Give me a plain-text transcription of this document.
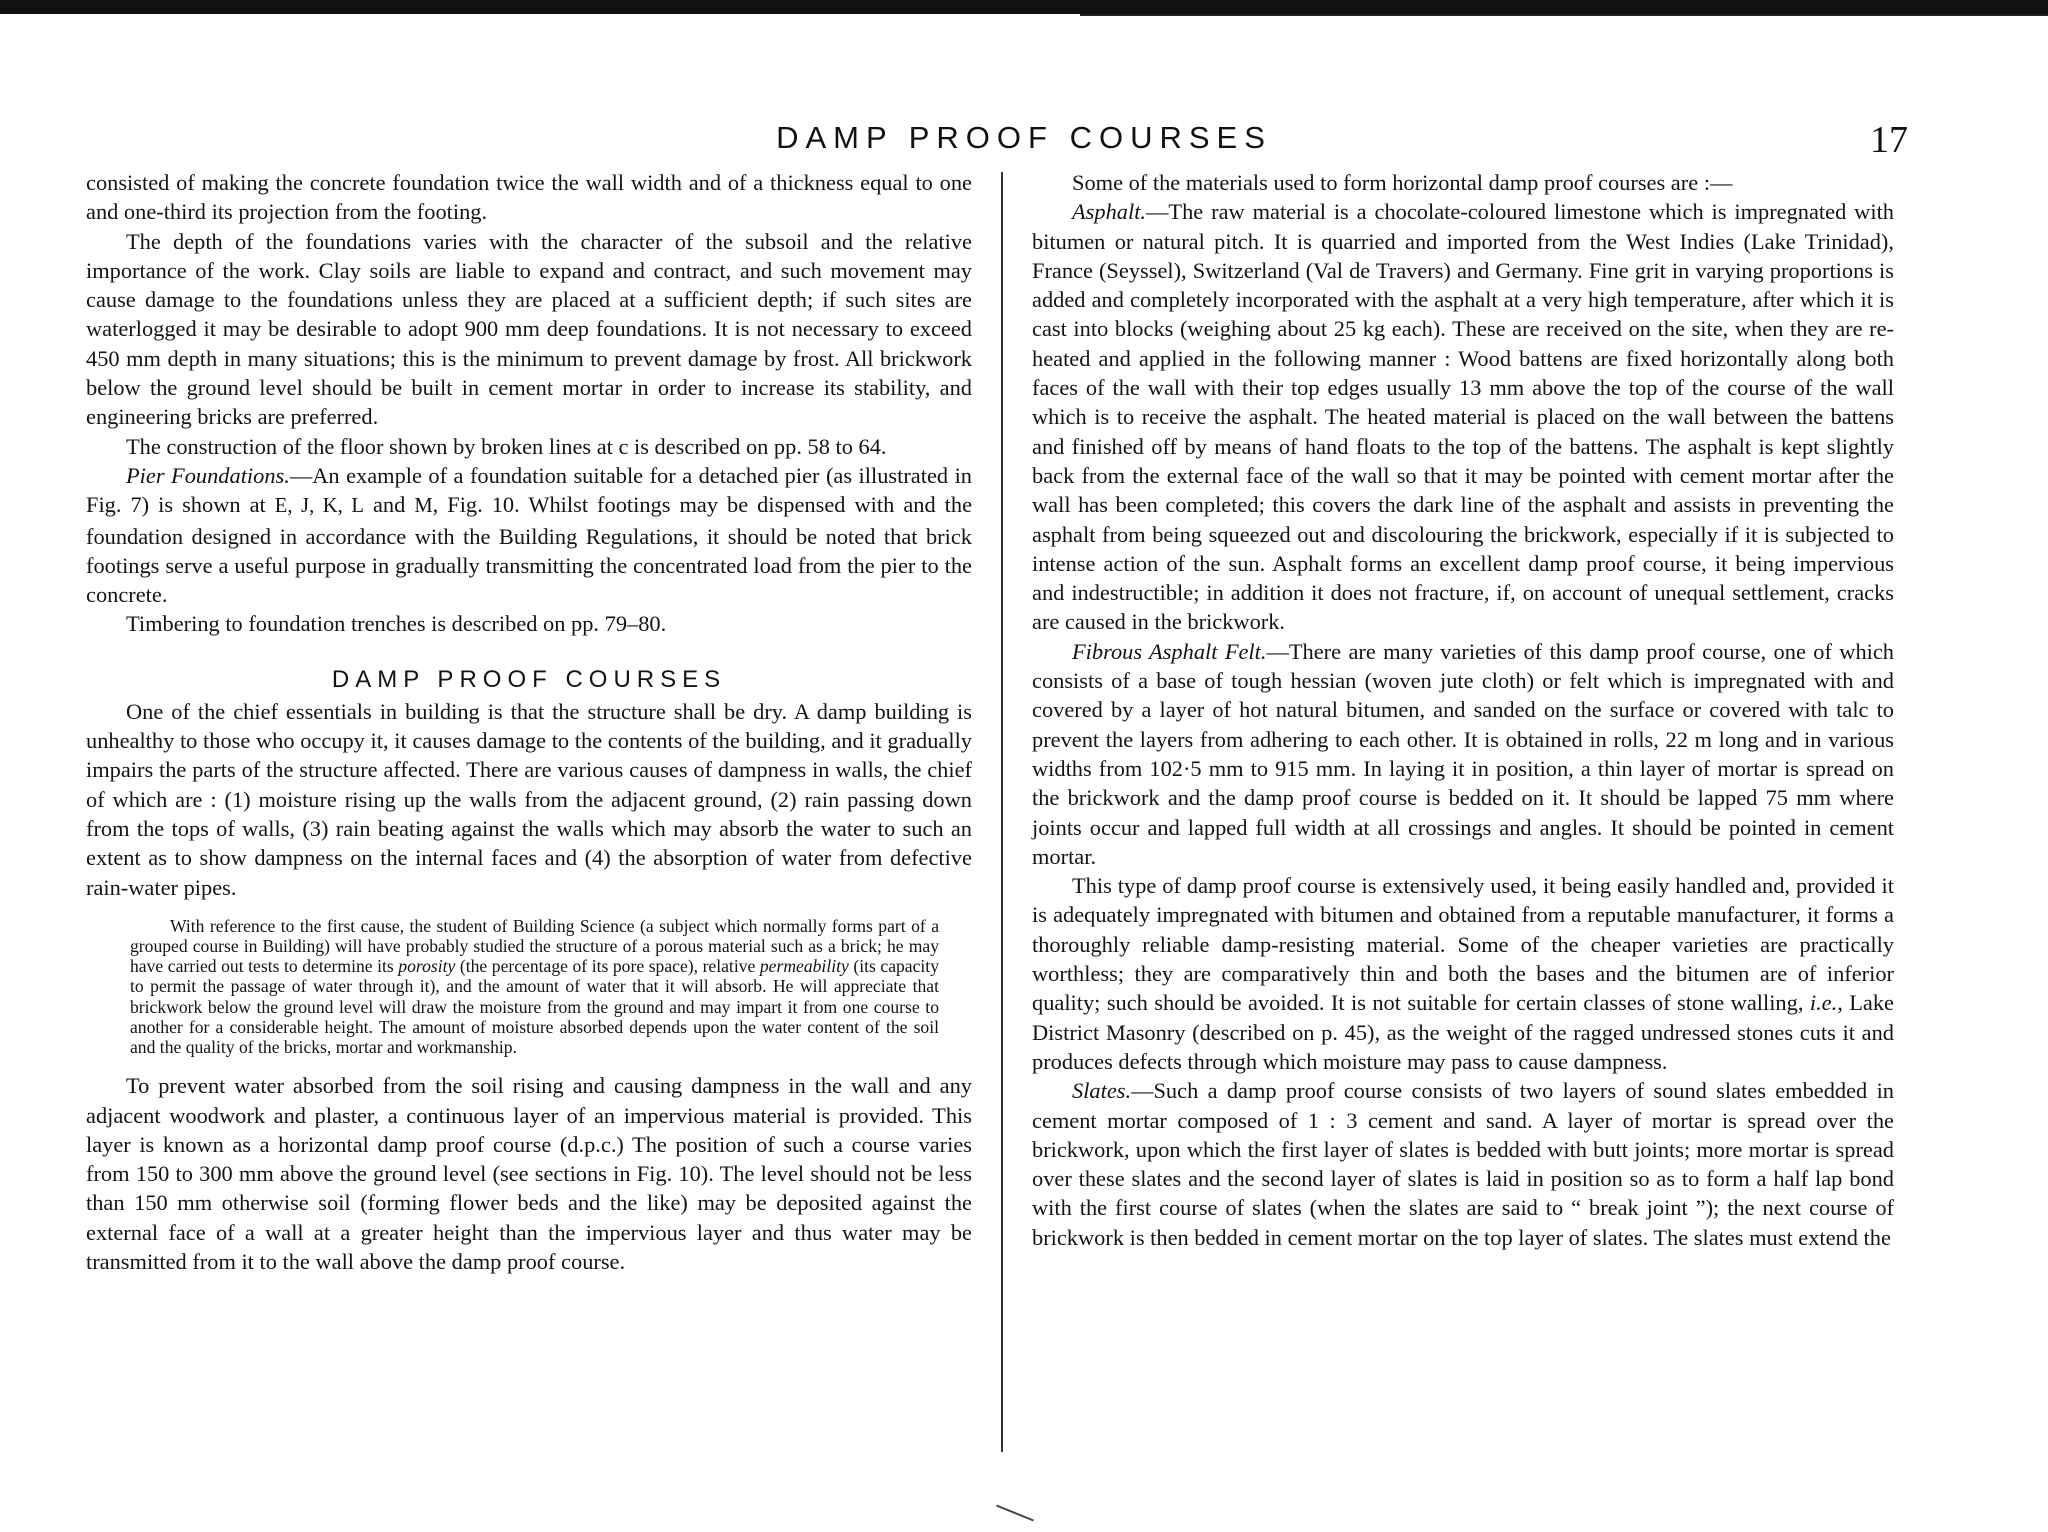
DAMP PROOF COURSES	17

consisted of making the concrete foundation twice the wall width and of a thickness equal to one and one-third its projection from the footing.

The depth of the foundations varies with the character of the subsoil and the relative importance of the work. Clay soils are liable to expand and contract, and such movement may cause damage to the foundations unless they are placed at a sufficient depth; if such sites are waterlogged it may be desirable to adopt 900 mm deep foundations. It is not necessary to exceed 450 mm depth in many situations; this is the minimum to prevent damage by frost. All brickwork below the ground level should be built in cement mortar in order to increase its stability, and engineering bricks are preferred.

The construction of the floor shown by broken lines at c is described on pp. 58 to 64.

Pier Foundations.—An example of a foundation suitable for a detached pier (as illustrated in Fig. 7) is shown at E, J, K, L and M, Fig. 10. Whilst footings may be dispensed with and the foundation designed in accordance with the Building Regulations, it should be noted that brick footings serve a useful purpose in gradually transmitting the concentrated load from the pier to the concrete.

Timbering to foundation trenches is described on pp. 79–80.

DAMP PROOF COURSES

One of the chief essentials in building is that the structure shall be dry. A damp building is unhealthy to those who occupy it, it causes damage to the contents of the building, and it gradually impairs the parts of the structure affected. There are various causes of dampness in walls, the chief of which are : (1) moisture rising up the walls from the adjacent ground, (2) rain passing down from the tops of walls, (3) rain beating against the walls which may absorb the water to such an extent as to show dampness on the internal faces and (4) the absorption of water from defective rain-water pipes.

With reference to the first cause, the student of Building Science (a subject which normally forms part of a grouped course in Building) will have probably studied the structure of a porous material such as a brick; he may have carried out tests to determine its porosity (the percentage of its pore space), relative permeability (its capacity to permit the passage of water through it), and the amount of water that it will absorb. He will appreciate that brickwork below the ground level will draw the moisture from the ground and may impart it from one course to another for a considerable height. The amount of moisture absorbed depends upon the water content of the soil and the quality of the bricks, mortar and workmanship.

To prevent water absorbed from the soil rising and causing dampness in the wall and any adjacent woodwork and plaster, a continuous layer of an impervious material is provided. This layer is known as a horizontal damp proof course (d.p.c.) The position of such a course varies from 150 to 300 mm above the ground level (see sections in Fig. 10). The level should not be less than 150 mm otherwise soil (forming flower beds and the like) may be deposited against the external face of a wall at a greater height than the impervious layer and thus water may be transmitted from it to the wall above the damp proof course.

Some of the materials used to form horizontal damp proof courses are :—

Asphalt.—The raw material is a chocolate-coloured limestone which is impregnated with bitumen or natural pitch. It is quarried and imported from the West Indies (Lake Trinidad), France (Seyssel), Switzerland (Val de Travers) and Germany. Fine grit in varying proportions is added and completely incorporated with the asphalt at a very high temperature, after which it is cast into blocks (weighing about 25 kg each). These are received on the site, when they are re-heated and applied in the following manner : Wood battens are fixed horizontally along both faces of the wall with their top edges usually 13 mm above the top of the course of the wall which is to receive the asphalt. The heated material is placed on the wall between the battens and finished off by means of hand floats to the top of the battens. The asphalt is kept slightly back from the external face of the wall so that it may be pointed with cement mortar after the wall has been completed; this covers the dark line of the asphalt and assists in preventing the asphalt from being squeezed out and discolouring the brickwork, especially if it is subjected to intense action of the sun. Asphalt forms an excellent damp proof course, it being impervious and indestructible; in addition it does not fracture, if, on account of unequal settlement, cracks are caused in the brickwork.

Fibrous Asphalt Felt.—There are many varieties of this damp proof course, one of which consists of a base of tough hessian (woven jute cloth) or felt which is impregnated with and covered by a layer of hot natural bitumen, and sanded on the surface or covered with talc to prevent the layers from adhering to each other. It is obtained in rolls, 22 m long and in various widths from 102·5 mm to 915 mm. In laying it in position, a thin layer of mortar is spread on the brickwork and the damp proof course is bedded on it. It should be lapped 75 mm where joints occur and lapped full width at all crossings and angles. It should be pointed in cement mortar.

This type of damp proof course is extensively used, it being easily handled and, provided it is adequately impregnated with bitumen and obtained from a reputable manufacturer, it forms a thoroughly reliable damp-resisting material. Some of the cheaper varieties are practically worthless; they are comparatively thin and both the bases and the bitumen are of inferior quality; such should be avoided. It is not suitable for certain classes of stone walling, i.e., Lake District Masonry (described on p. 45), as the weight of the ragged undressed stones cuts it and produces defects through which moisture may pass to cause dampness.

Slates.—Such a damp proof course consists of two layers of sound slates embedded in cement mortar composed of 1 : 3 cement and sand. A layer of mortar is spread over the brickwork, upon which the first layer of slates is bedded with butt joints; more mortar is spread over these slates and the second layer of slates is laid in position so as to form a half lap bond with the first course of slates (when the slates are said to “ break joint ”); the next course of brickwork is then bedded in cement mortar on the top layer of slates. The slates must extend the
